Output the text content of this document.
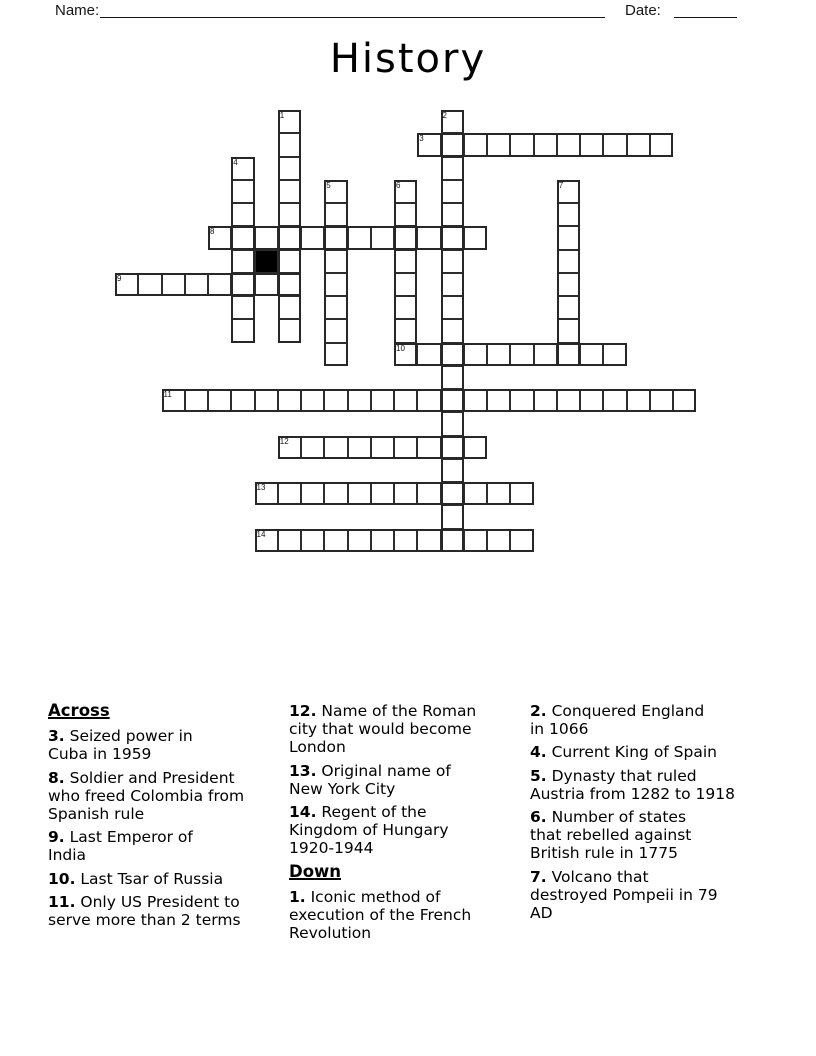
Name:	Date:
History
1	2
3
4
5	6	7
8
9
10
11
12
13
14
Across
3. Seized power in
Cuba in 1959
8. Soldier and President
who freed Colombia from
Spanish rule
9. Last Emperor of
India
10. Last Tsar of Russia
11. Only US President to
serve more than 2 terms
12. Name of the Roman
city that would become
London
13. Original name of
New York City
14. Regent of the
Kingdom of Hungary
1920-1944
Down
1. Iconic method of
execution of the French
Revolution
2. Conquered England
in 1066
4. Current King of Spain
5. Dynasty that ruled
Austria from 1282 to 1918
6. Number of states
that rebelled against
British rule in 1775
7. Volcano that
destroyed Pompeii in 79
AD
